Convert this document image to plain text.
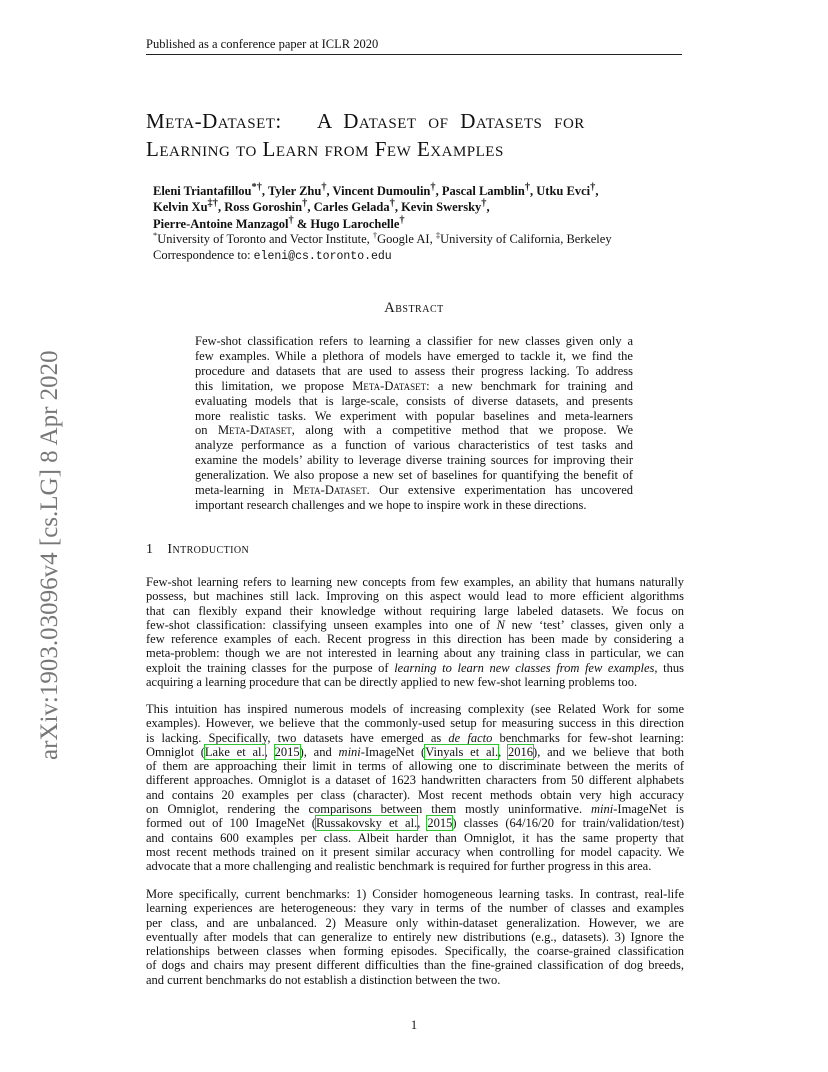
Published as a conference paper at ICLR 2020
arXiv:1903.03096v4 [cs.LG] 8 Apr 2020
Meta-Dataset:   A Dataset of Datasets for
Learning to Learn from Few Examples
Eleni Triantafillou*†, Tyler Zhu†, Vincent Dumoulin†, Pascal Lamblin†, Utku Evci†,
Kelvin Xu‡†, Ross Goroshin†, Carles Gelada†, Kevin Swersky†,
Pierre-Antoine Manzagol† & Hugo Larochelle†
*University of Toronto and Vector Institute, †Google AI, ‡University of California, Berkeley
Correspondence to: eleni@cs.toronto.edu
Abstract
Few-shot classification refers to learning a classifier for new classes given only a
few examples. While a plethora of models have emerged to tackle it, we find the
procedure and datasets that are used to assess their progress lacking. To address
this limitation, we propose Meta-Dataset: a new benchmark for training and
evaluating models that is large-scale, consists of diverse datasets, and presents
more realistic tasks. We experiment with popular baselines and meta-learners
on Meta-Dataset, along with a competitive method that we propose. We
analyze performance as a function of various characteristics of test tasks and
examine the models’ ability to leverage diverse training sources for improving their
generalization. We also propose a new set of baselines for quantifying the benefit of
meta-learning in Meta-Dataset. Our extensive experimentation has uncovered
important research challenges and we hope to inspire work in these directions.
1 Introduction
Few-shot learning refers to learning new concepts from few examples, an ability that humans naturally
possess, but machines still lack. Improving on this aspect would lead to more efficient algorithms
that can flexibly expand their knowledge without requiring large labeled datasets. We focus on
few-shot classification: classifying unseen examples into one of N new ‘test’ classes, given only a
few reference examples of each. Recent progress in this direction has been made by considering a
meta-problem: though we are not interested in learning about any training class in particular, we can
exploit the training classes for the purpose of learning to learn new classes from few examples, thus
acquiring a learning procedure that can be directly applied to new few-shot learning problems too.
This intuition has inspired numerous models of increasing complexity (see Related Work for some
examples). However, we believe that the commonly-used setup for measuring success in this direction
is lacking. Specifically, two datasets have emerged as de facto benchmarks for few-shot learning:
Omniglot (Lake et al., 2015), and mini-ImageNet (Vinyals et al., 2016), and we believe that both
of them are approaching their limit in terms of allowing one to discriminate between the merits of
different approaches. Omniglot is a dataset of 1623 handwritten characters from 50 different alphabets
and contains 20 examples per class (character). Most recent methods obtain very high accuracy
on Omniglot, rendering the comparisons between them mostly uninformative. mini-ImageNet is
formed out of 100 ImageNet (Russakovsky et al., 2015) classes (64/16/20 for train/validation/test)
and contains 600 examples per class. Albeit harder than Omniglot, it has the same property that
most recent methods trained on it present similar accuracy when controlling for model capacity. We
advocate that a more challenging and realistic benchmark is required for further progress in this area.
More specifically, current benchmarks: 1) Consider homogeneous learning tasks. In contrast, real-life
learning experiences are heterogeneous: they vary in terms of the number of classes and examples
per class, and are unbalanced. 2) Measure only within-dataset generalization. However, we are
eventually after models that can generalize to entirely new distributions (e.g., datasets). 3) Ignore the
relationships between classes when forming episodes. Specifically, the coarse-grained classification
of dogs and chairs may present different difficulties than the fine-grained classification of dog breeds,
and current benchmarks do not establish a distinction between the two.
1
